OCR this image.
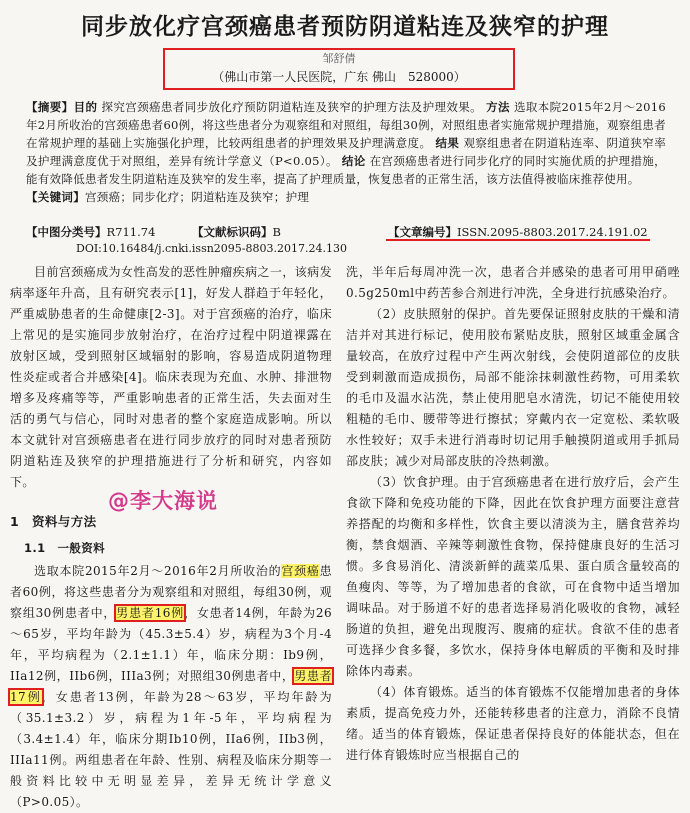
同步放化疗宫颈癌患者预防阴道粘连及狭窄的护理
邹舒倩
（佛山市第一人民医院，广东 佛山　528000）
【摘要】目的 探究宫颈癌患者同步放化疗预防阴道粘连及狭窄的护理方法及护理效果。 方法 选取本院2015年2月～2016年2月所收治的宫颈癌患者60例，将这些患者分为观察组和对照组，每组30例，对照组患者实施常规护理措施，观察组患者在常规护理的基础上实施强化护理，比较两组患者的护理效果及护理满意度。 结果 观察组患者在阴道粘连率、阴道狭窄率及护理满意度优于对照组，差异有统计学意义（P<0.05）。 结论 在宫颈癌患者进行同步化疗的同时实施优质的护理措施，能有效降低患者发生阴道粘连及狭窄的发生率，提高了护理质量，恢复患者的正常生活，该方法值得被临床推荐使用。
【关键词】宫颈癌；同步化疗；阴道粘连及狭窄；护理
【中图分类号】R711.74	【文献标识码】B	【文章编号】ISSN.2095-8803.2017.24.191.02
DOI:10.16484/j.cnki.issn2095-8803.2017.24.130

目前宫颈癌成为女性高发的恶性肿瘤疾病之一，该病发病率逐年升高，且有研究表示[1]，好发人群趋于年轻化，严重威胁患者的生命健康[2-3]。对于宫颈癌的治疗，临床上常见的是实施同步放射治疗，在治疗过程中阴道裸露在放射区域，受到照射区域辐射的影响，容易造成阴道物理性炎症或者合并感染[4]。临床表现为充血、水肿、排泄物增多及疼痛等等，严重影响患者的正常生活，失去面对生活的勇气与信心，同时对患者的整个家庭造成影响。所以本文就针对宫颈癌患者在进行同步放疗的同时对患者预防阴道粘连及狭窄的护理措施进行了分析和研究，内容如下。

1　资料与方法
1.1　一般资料

选取本院2015年2月～2016年2月所收治的宫颈癌患者60例，将这些患者分为观察组和对照组，每组30例，观察组30例患者中，男患者16例，女患者14例，年龄为26～65岁，平均年龄为（45.3±5.4）岁，病程为3个月-4年，平均病程为（2.1±1.1）年，临床分期：Ib9例，IIa12例，IIb6例，IIIa3例；对照组30例患者中，男患者17例，女患者13例，年龄为28～63岁，平均年龄为（35.1±3.2）岁，病程为1年-5年，平均病程为（3.4±1.4）年，临床分期Ib10例，IIa6例，IIb3例，IIIa11例。两组患者在年龄、性别、病程及临床分期等一般资料比较中无明显差异，差异无统计学意义（P>0.05）。

洗，半年后每周冲洗一次，患者合并感染的患者可用甲硝唑0.5g250ml中药苦参合剂进行冲洗，全身进行抗感染治疗。

（2）皮肤照射的保护。首先要保证照射皮肤的干燥和清洁并对其进行标记，使用胶布紧贴皮肤，照射区域重金属含量较高，在放疗过程中产生两次射线，会使阴道部位的皮肤受到刺激而造成损伤，局部不能涂抹刺激性药物，可用柔软的毛巾及温水沾洗，禁止使用肥皂水清洗，切记不能使用较粗糙的毛巾、腰带等进行擦拭；穿戴内衣一定宽松、柔软吸水性较好；双手未进行消毒时切记用手触摸阴道或用手抓局部皮肤；减少对局部皮肤的冷热刺激。

（3）饮食护理。由于宫颈癌患者在进行放疗后，会产生食欲下降和免疫功能的下降，因此在饮食护理方面要注意营养搭配的均衡和多样性，饮食主要以清淡为主，膳食营养均衡，禁食烟酒、辛辣等刺激性食物，保持健康良好的生活习惯。多食易消化、清淡新鲜的蔬菜瓜果、蛋白质含量较高的鱼瘦肉、等等，为了增加患者的食欲，可在食物中适当增加调味品。对于肠道不好的患者选择易消化吸收的食物，减轻肠道的负担，避免出现腹泻、腹痛的症状。食欲不佳的患者可选择少食多餐，多饮水，保持身体电解质的平衡和及时排除体内毒素。

（4）体育锻炼。适当的体育锻炼不仅能增加患者的身体素质，提高免疫力外，还能转移患者的注意力，消除不良情绪。适当的体育锻炼，保证患者保持良好的体能状态，但在进行体育锻炼时应当根据自己的

@李大海说
